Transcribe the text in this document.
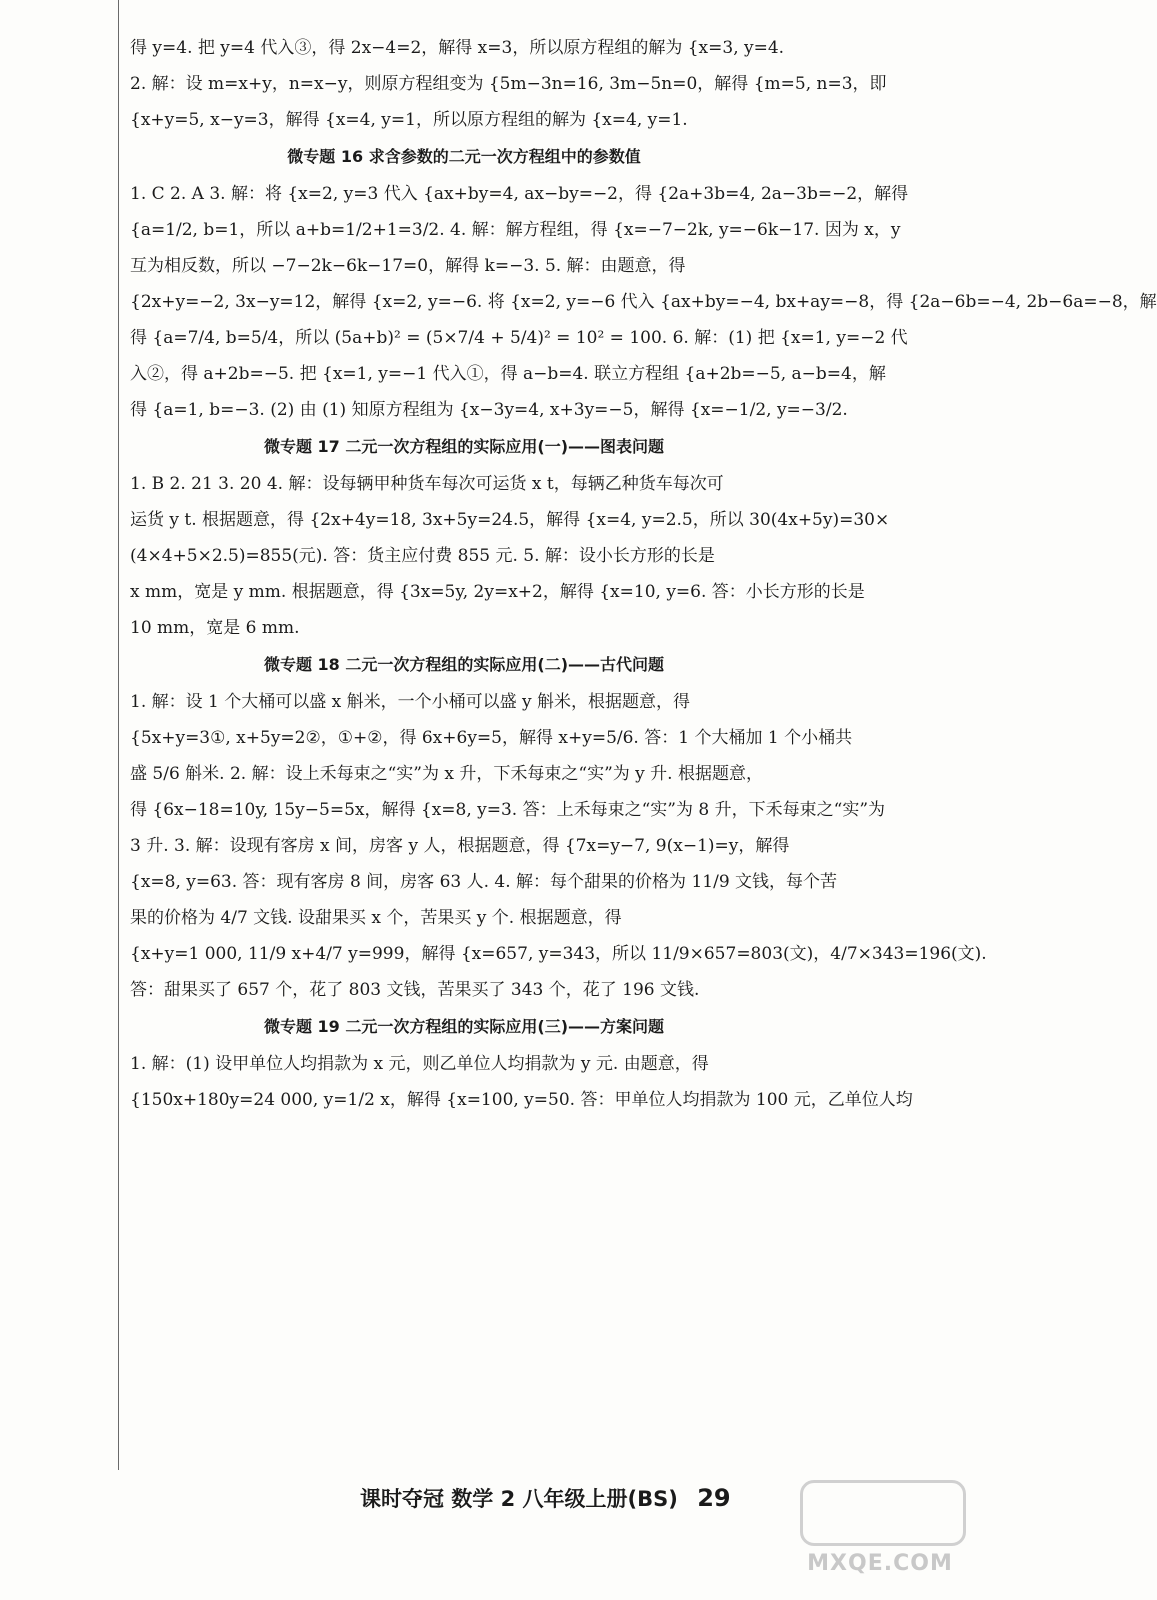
得 y=4. 把 y=4 代入③，得 2x−4=2，解得 x=3，所以原方程组的解为 {x=3, y=4.
2. 解：设 m=x+y，n=x−y，则原方程组变为 {5m−3n=16, 3m−5n=0，解得 {m=5, n=3，即
{x+y=5, x−y=3，解得 {x=4, y=1，所以原方程组的解为 {x=4, y=1.
微专题 16 求含参数的二元一次方程组中的参数值
1. C 2. A 3. 解：将 {x=2, y=3 代入 {ax+by=4, ax−by=−2，得 {2a+3b=4, 2a−3b=−2，解得
{a=1/2, b=1，所以 a+b=1/2+1=3/2. 4. 解：解方程组，得 {x=−7−2k, y=−6k−17. 因为 x，y
互为相反数，所以 −7−2k−6k−17=0，解得 k=−3. 5. 解：由题意，得
{2x+y=−2, 3x−y=12，解得 {x=2, y=−6. 将 {x=2, y=−6 代入 {ax+by=−4, bx+ay=−8，得 {2a−6b=−4, 2b−6a=−8，解
得 {a=7/4, b=5/4，所以 (5a+b)² = (5×7/4 + 5/4)² = 10² = 100. 6. 解：(1) 把 {x=1, y=−2 代
入②，得 a+2b=−5. 把 {x=1, y=−1 代入①，得 a−b=4. 联立方程组 {a+2b=−5, a−b=4，解
得 {a=1, b=−3. (2) 由 (1) 知原方程组为 {x−3y=4, x+3y=−5，解得 {x=−1/2, y=−3/2.
微专题 17 二元一次方程组的实际应用(一)——图表问题
1. B 2. 21 3. 20 4. 解：设每辆甲种货车每次可运货 x t，每辆乙种货车每次可
运货 y t. 根据题意，得 {2x+4y=18, 3x+5y=24.5，解得 {x=4, y=2.5，所以 30(4x+5y)=30×
(4×4+5×2.5)=855(元). 答：货主应付费 855 元. 5. 解：设小长方形的长是
x mm，宽是 y mm. 根据题意，得 {3x=5y, 2y=x+2，解得 {x=10, y=6. 答：小长方形的长是
10 mm，宽是 6 mm.
微专题 18 二元一次方程组的实际应用(二)——古代问题
1. 解：设 1 个大桶可以盛 x 斛米，一个小桶可以盛 y 斛米，根据题意，得
{5x+y=3①, x+5y=2②，①+②，得 6x+6y=5，解得 x+y=5/6. 答：1 个大桶加 1 个小桶共
盛 5/6 斛米. 2. 解：设上禾每束之“实”为 x 升，下禾每束之“实”为 y 升. 根据题意，
得 {6x−18=10y, 15y−5=5x，解得 {x=8, y=3. 答：上禾每束之“实”为 8 升，下禾每束之“实”为
3 升. 3. 解：设现有客房 x 间，房客 y 人，根据题意，得 {7x=y−7, 9(x−1)=y，解得
{x=8, y=63. 答：现有客房 8 间，房客 63 人. 4. 解：每个甜果的价格为 11/9 文钱，每个苦
果的价格为 4/7 文钱. 设甜果买 x 个，苦果买 y 个. 根据题意，得
{x+y=1 000, 11/9 x+4/7 y=999，解得 {x=657, y=343，所以 11/9×657=803(文)，4/7×343=196(文).
答：甜果买了 657 个，花了 803 文钱，苦果买了 343 个，花了 196 文钱.
微专题 19 二元一次方程组的实际应用(三)——方案问题
1. 解：(1) 设甲单位人均捐款为 x 元，则乙单位人均捐款为 y 元. 由题意，得
{150x+180y=24 000, y=1/2 x，解得 {x=100, y=50. 答：甲单位人均捐款为 100 元，乙单位人均
课时夺冠 数学 2 八年级上册(BS) 29
MXQE.COM
